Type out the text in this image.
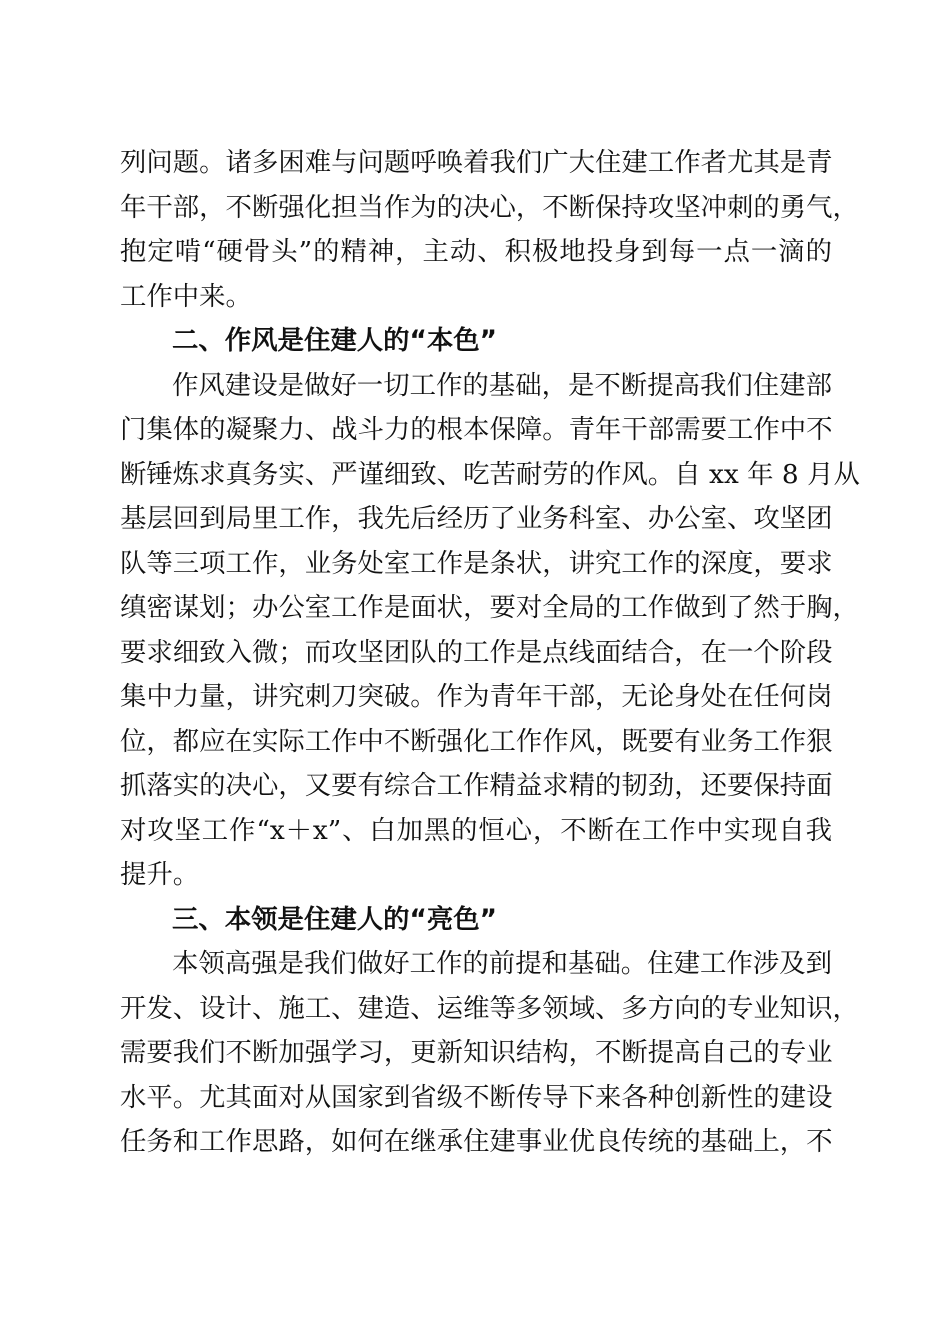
列问题。诸多困难与问题呼唤着我们广大住建工作者尤其是青
年干部，不断强化担当作为的决心，不断保持攻坚冲刺的勇气，
抱定啃“硬骨头”的精神，主动、积极地投身到每一点一滴的
工作中来。
二、作风是住建人的“本色”
作风建设是做好一切工作的基础，是不断提高我们住建部
门集体的凝聚力、战斗力的根本保障。青年干部需要工作中不
断锤炼求真务实、严谨细致、吃苦耐劳的作风。自 xx 年 8 月从
基层回到局里工作，我先后经历了业务科室、办公室、攻坚团
队等三项工作，业务处室工作是条状，讲究工作的深度，要求
缜密谋划；办公室工作是面状，要对全局的工作做到了然于胸，
要求细致入微；而攻坚团队的工作是点线面结合，在一个阶段
集中力量，讲究刺刀突破。作为青年干部，无论身处在任何岗
位，都应在实际工作中不断强化工作作风，既要有业务工作狠
抓落实的决心，又要有综合工作精益求精的韧劲，还要保持面
对攻坚工作“x＋x”、白加黑的恒心，不断在工作中实现自我
提升。
三、本领是住建人的“亮色”
本领高强是我们做好工作的前提和基础。住建工作涉及到
开发、设计、施工、建造、运维等多领域、多方向的专业知识，
需要我们不断加强学习，更新知识结构，不断提高自己的专业
水平。尤其面对从国家到省级不断传导下来各种创新性的建设
任务和工作思路，如何在继承住建事业优良传统的基础上，不
